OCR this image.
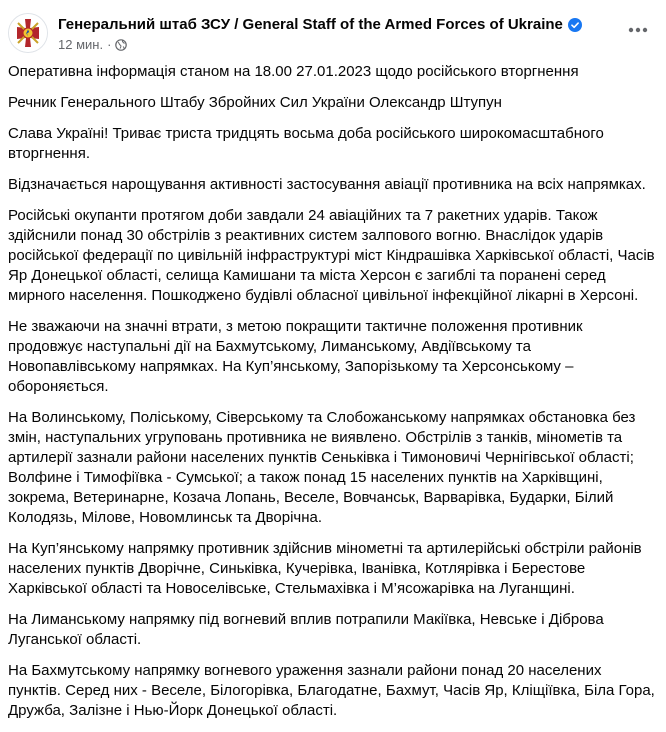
Генеральний штаб ЗСУ / General Staff of the Armed Forces of Ukraine
12 мин. ·

Оперативна інформація станом на 18.00 27.01.2023 щодо російського вторгнення

Речник Генерального Штабу Збройних Сил України Олександр Штупун

Слава Україні! Триває триста тридцять восьма доба російського широкомасштабного вторгнення.

Відзначається нарощування активності застосування авіації противника на всіх напрямках.

Російські окупанти протягом доби завдали 24 авіаційних та 7 ракетних ударів. Також здійснили понад 30 обстрілів з реактивних систем залпового вогню. Внаслідок ударів російської федерації по цивільній інфраструктурі міст Кіндрашівка Харківської області, Часів Яр Донецької області, селища Камишани та міста Херсон є загиблі та поранені серед мирного населення. Пошкоджено будівлі обласної цивільної інфекційної лікарні в Херсоні.

Не зважаючи на значні втрати, з метою покращити тактичне положення противник продовжує наступальні дії на Бахмутському, Лиманському, Авдіївському та Новопавлівському напрямках. На Куп’янському, Запорізькому та Херсонському – обороняється.

На Волинському, Поліському, Сіверському та Слобожанському напрямках обстановка без змін, наступальних угруповань противника не виявлено. Обстрілів з танків, мінометів та артилерії зазнали райони населених пунктів Сеньківка і Тимоновичі Чернігівської області; Волфине і Тимофіївка - Сумської; а також понад 15 населених пунктів на Харківщині, зокрема, Ветеринарне, Козача Лопань, Веселе, Вовчанськ, Варварівка, Бударки, Білий Колодязь, Мілове, Новомлинськ та Дворічна.

На Куп’янському напрямку противник здійснив мінометні та артилерійські обстріли районів населених пунктів Дворічне, Синьківка, Кучерівка, Іванівка, Котлярівка і Берестове Харківської області та Новоселівське, Стельмахівка і М’ясожарівка на Луганщині.

На Лиманському напрямку під вогневий вплив потрапили Макіївка, Невське і Діброва Луганської області.

На Бахмутському напрямку вогневого ураження зазнали райони понад 20 населених пунктів. Серед них - Веселе, Білогорівка, Благодатне, Бахмут, Часів Яр, Кліщіївка, Біла Гора, Дружба, Залізне і Нью-Йорк Донецької області.
